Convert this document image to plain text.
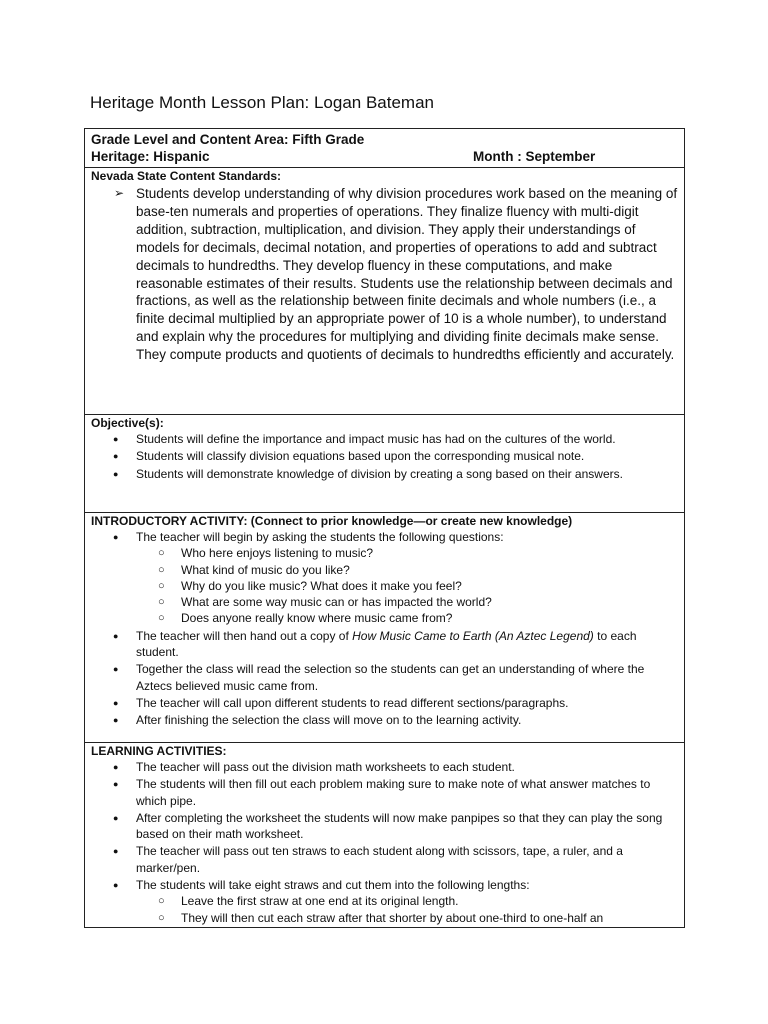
Heritage Month Lesson Plan: Logan Bateman
Grade Level and Content Area: Fifth Grade
Heritage: Hispanic	Month : September

Nevada State Content Standards:
➢ Students develop understanding of why division procedures work based on the meaning of base-ten numerals and properties of operations. They finalize fluency with multi-digit addition, subtraction, multiplication, and division. They apply their understandings of models for decimals, decimal notation, and properties of operations to add and subtract decimals to hundredths. They develop fluency in these computations, and make reasonable estimates of their results. Students use the relationship between decimals and fractions, as well as the relationship between finite decimals and whole numbers (i.e., a finite decimal multiplied by an appropriate power of 10 is a whole number), to understand and explain why the procedures for multiplying and dividing finite decimals make sense. They compute products and quotients of decimals to hundredths efficiently and accurately.

Objective(s):
● Students will define the importance and impact music has had on the cultures of the world.
● Students will classify division equations based upon the corresponding musical note.
● Students will demonstrate knowledge of division by creating a song based on their answers.

INTRODUCTORY ACTIVITY: (Connect to prior knowledge—or create new knowledge)
● The teacher will begin by asking the students the following questions:
○ Who here enjoys listening to music?
○ What kind of music do you like?
○ Why do you like music? What does it make you feel?
○ What are some way music can or has impacted the world?
○ Does anyone really know where music came from?
● The teacher will then hand out a copy of How Music Came to Earth (An Aztec Legend) to each student.
● Together the class will read the selection so the students can get an understanding of where the Aztecs believed music came from.
● The teacher will call upon different students to read different sections/paragraphs.
● After finishing the selection the class will move on to the learning activity.

LEARNING ACTIVITIES:
● The teacher will pass out the division math worksheets to each student.
● The students will then fill out each problem making sure to make note of what answer matches to which pipe.
● After completing the worksheet the students will now make panpipes so that they can play the song based on their math worksheet.
● The teacher will pass out ten straws to each student along with scissors, tape, a ruler, and a marker/pen.
● The students will take eight straws and cut them into the following lengths:
○ Leave the first straw at one end at its original length.
○ They will then cut each straw after that shorter by about one-third to one-half an
